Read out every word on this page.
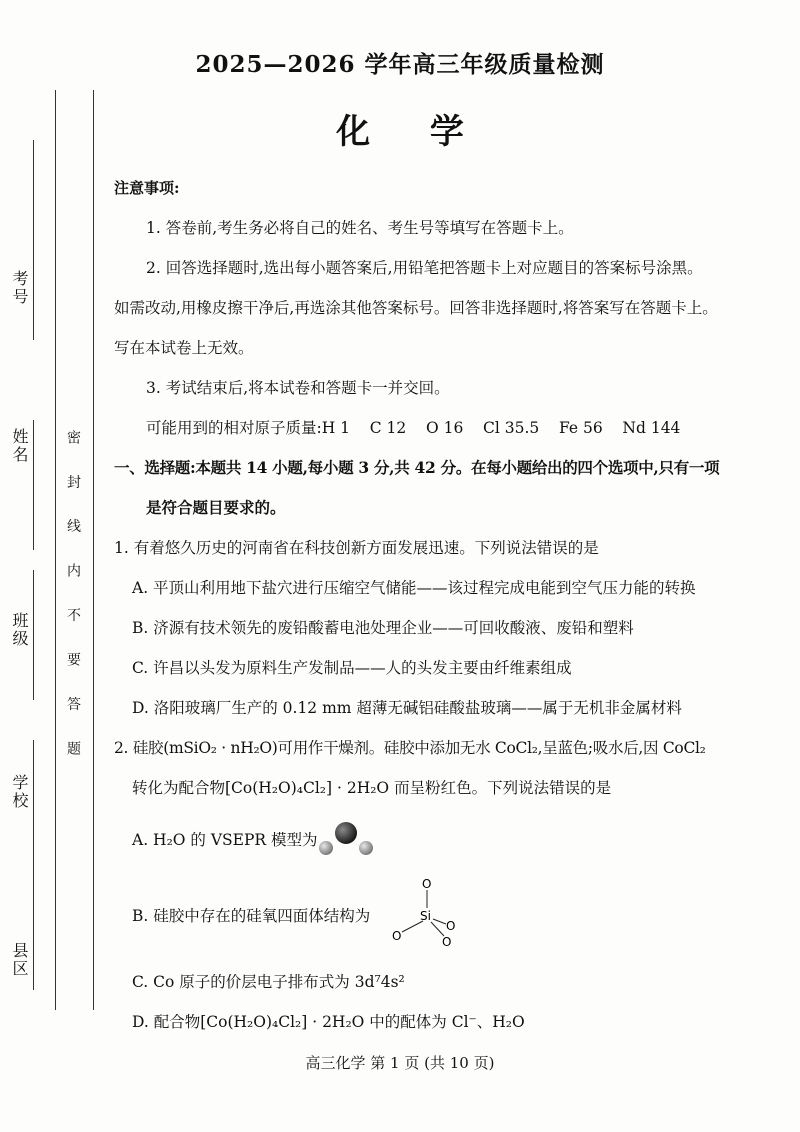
2025—2026 学年高三年级质量检测
化 学
考号
姓名
班级
学校
县区
密 封 线 内 不 要 答 题
注意事项:
1. 答卷前,考生务必将自己的姓名、考生号等填写在答题卡上。
2. 回答选择题时,选出每小题答案后,用铅笔把答题卡上对应题目的答案标号涂黑。
如需改动,用橡皮擦干净后,再选涂其他答案标号。回答非选择题时,将答案写在答题卡上。
写在本试卷上无效。
3. 考试结束后,将本试卷和答题卡一并交回。
可能用到的相对原子质量:H 1    C 12    O 16    Cl 35.5    Fe 56    Nd 144
一、选择题:本题共 14 小题,每小题 3 分,共 42 分。在每小题给出的四个选项中,只有一项
是符合题目要求的。
1. 有着悠久历史的河南省在科技创新方面发展迅速。下列说法错误的是
A. 平顶山利用地下盐穴进行压缩空气储能——该过程完成电能到空气压力能的转换
B. 济源有技术领先的废铅酸蓄电池处理企业——可回收酸液、废铅和塑料
C. 许昌以头发为原料生产发制品——人的头发主要由纤维素组成
D. 洛阳玻璃厂生产的 0.12 mm 超薄无碱铝硅酸盐玻璃——属于无机非金属材料
2. 硅胶(mSiO₂ · nH₂O)可用作干燥剂。硅胶中添加无水 CoCl₂,呈蓝色;吸水后,因 CoCl₂
转化为配合物[Co(H₂O)₄Cl₂] · 2H₂O 而呈粉红色。下列说法错误的是
A. H₂O 的 VSEPR 模型为
B. 硅胶中存在的硅氧四面体结构为
O
Si
O
O
O
C. Co 原子的价层电子排布式为 3d⁷4s²
D. 配合物[Co(H₂O)₄Cl₂] · 2H₂O 中的配体为 Cl⁻、H₂O
高三化学 第 1 页 (共 10 页)
